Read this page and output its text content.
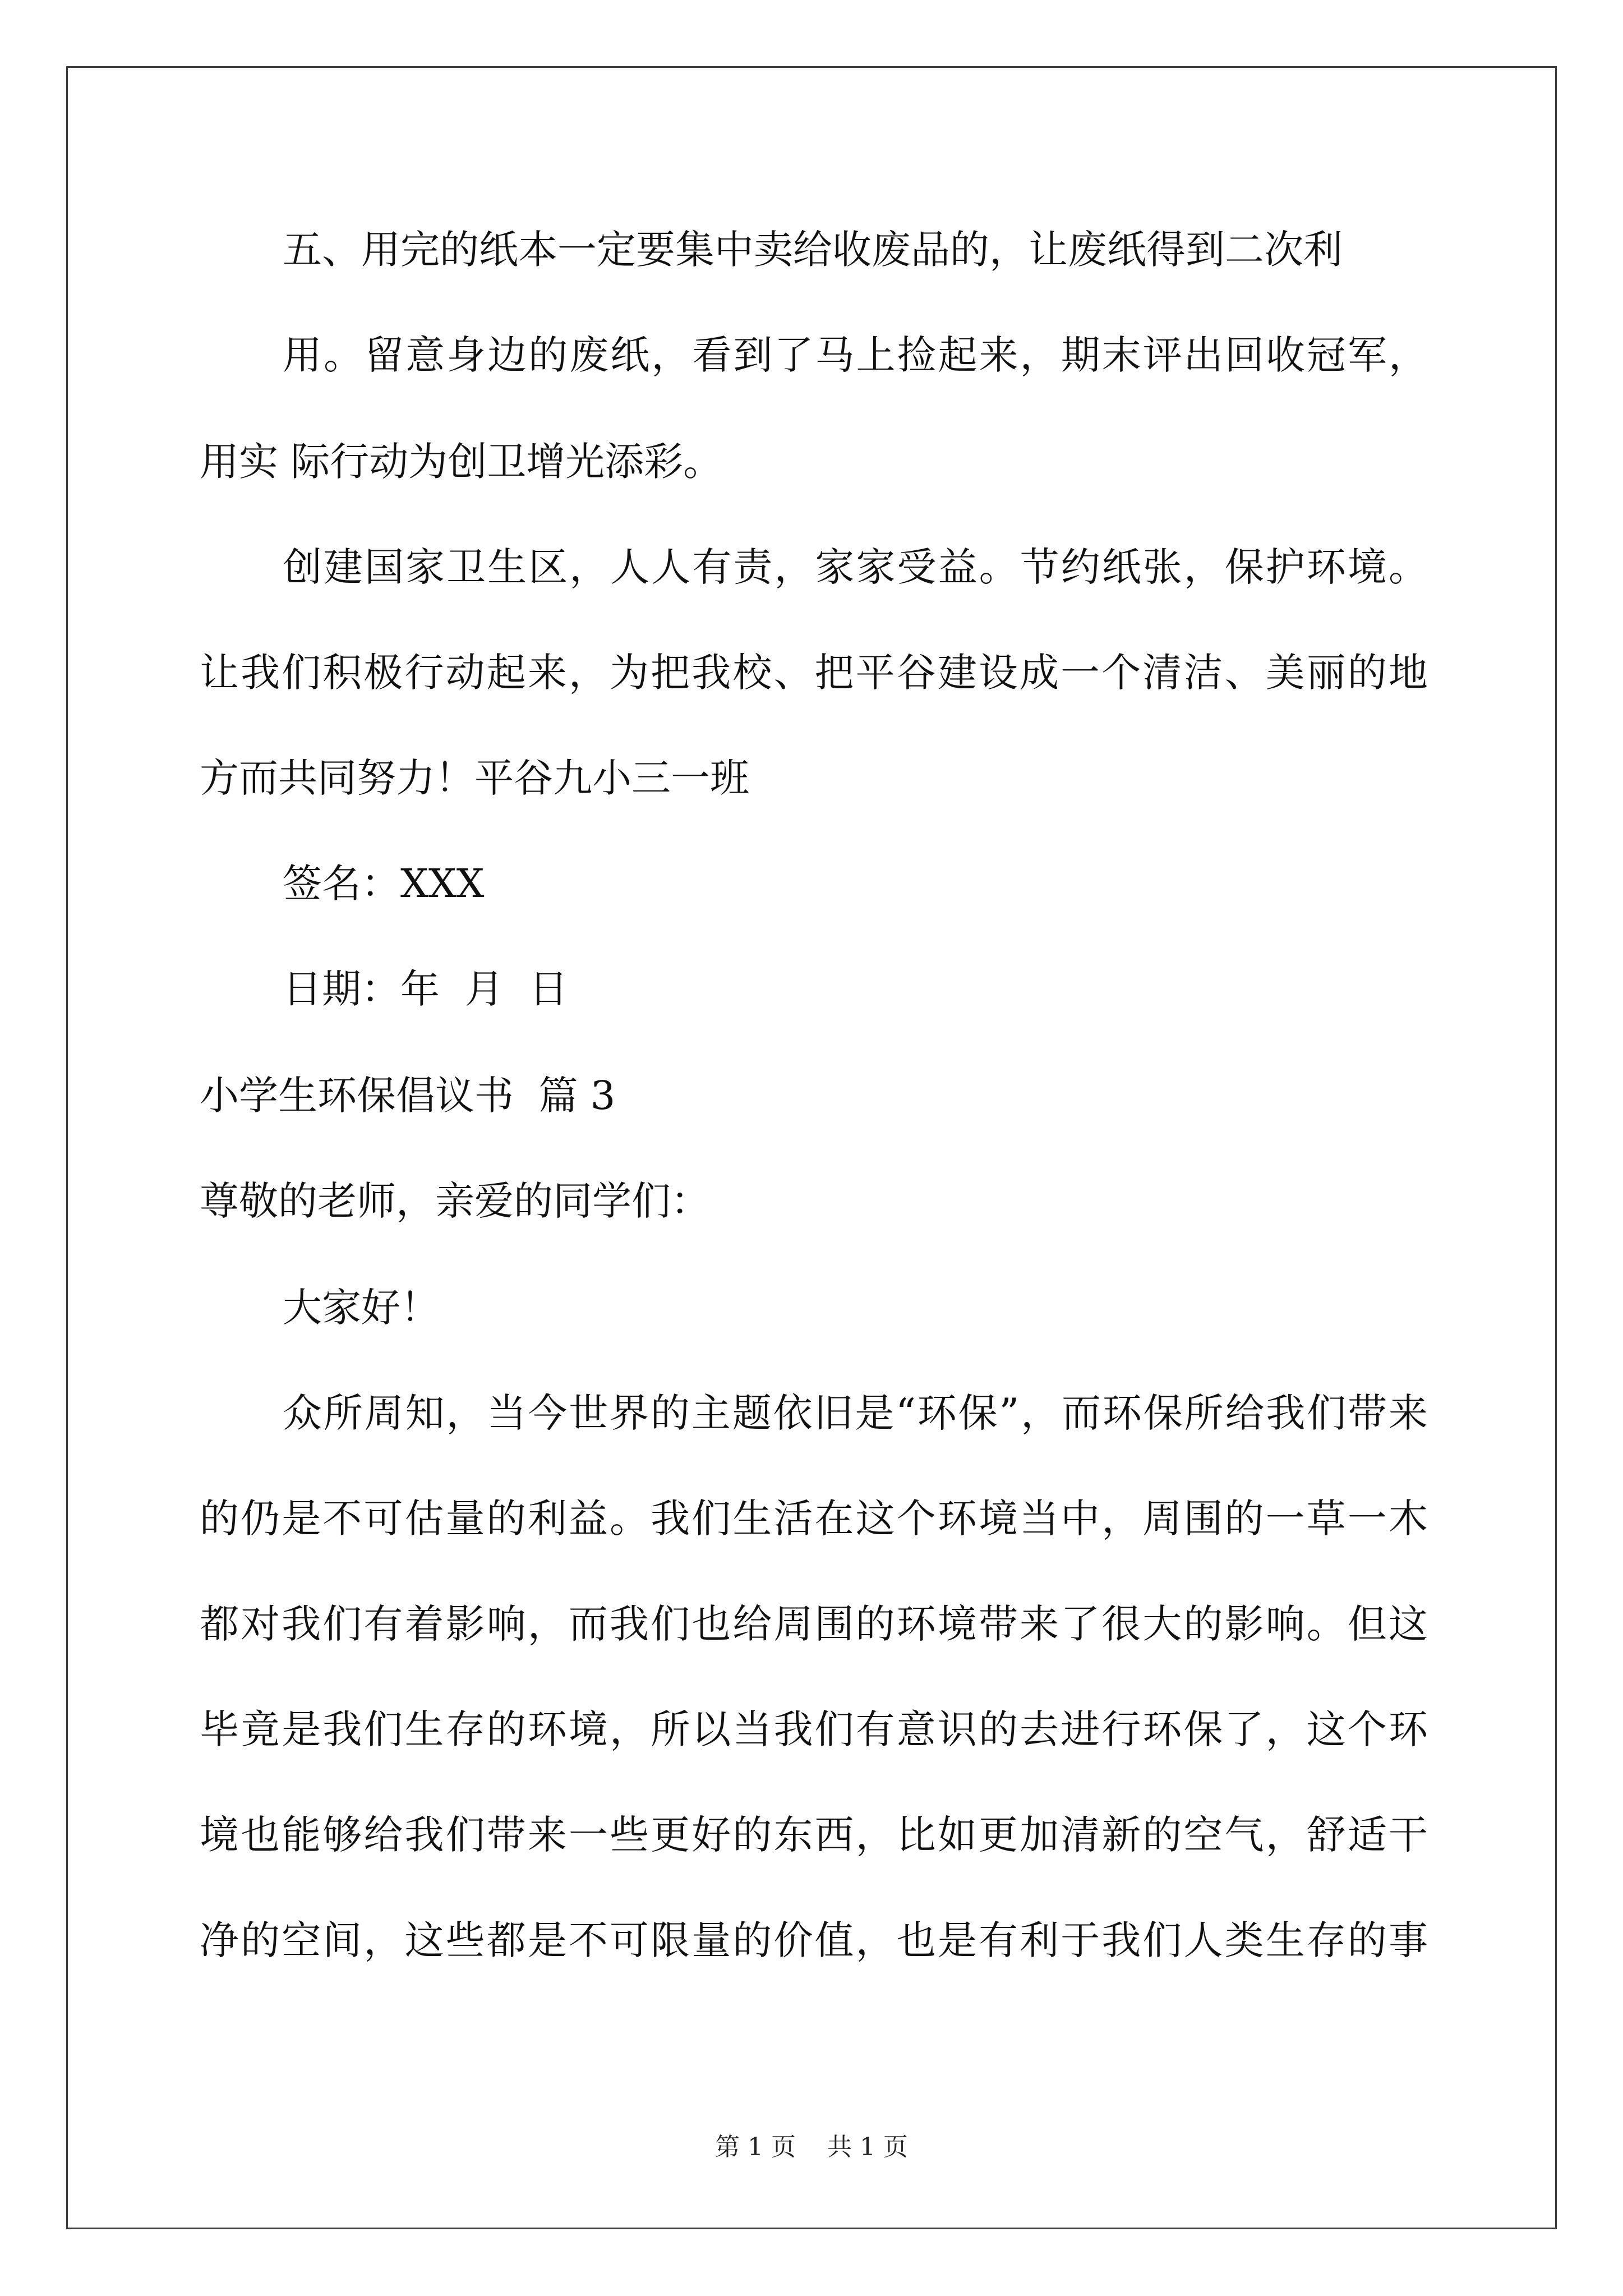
五、用完的纸本一定要集中卖给收废品的，让废纸得到二次利
用。留意身边的废纸，看到了马上捡起来，期末评出回收冠军，
用实 际行动为创卫增光添彩。
创建国家卫生区，人人有责，家家受益。节约纸张，保护环境。
让我们积极行动起来，为把我校、把平谷建设成一个清洁、美丽的地
方而共同努力！平谷九小三一班
签名：XXX
日期：年  月  日
小学生环保倡议书  篇 3
尊敬的老师，亲爱的同学们：
大家好！
众所周知，当今世界的主题依旧是“环保”，而环保所给我们带来
的仍是不可估量的利益。我们生活在这个环境当中，周围的一草一木
都对我们有着影响，而我们也给周围的环境带来了很大的影响。但这
毕竟是我们生存的环境，所以当我们有意识的去进行环保了，这个环
境也能够给我们带来一些更好的东西，比如更加清新的空气，舒适干
净的空间，这些都是不可限量的价值，也是有利于我们人类生存的事
第 1 页    共 1 页
